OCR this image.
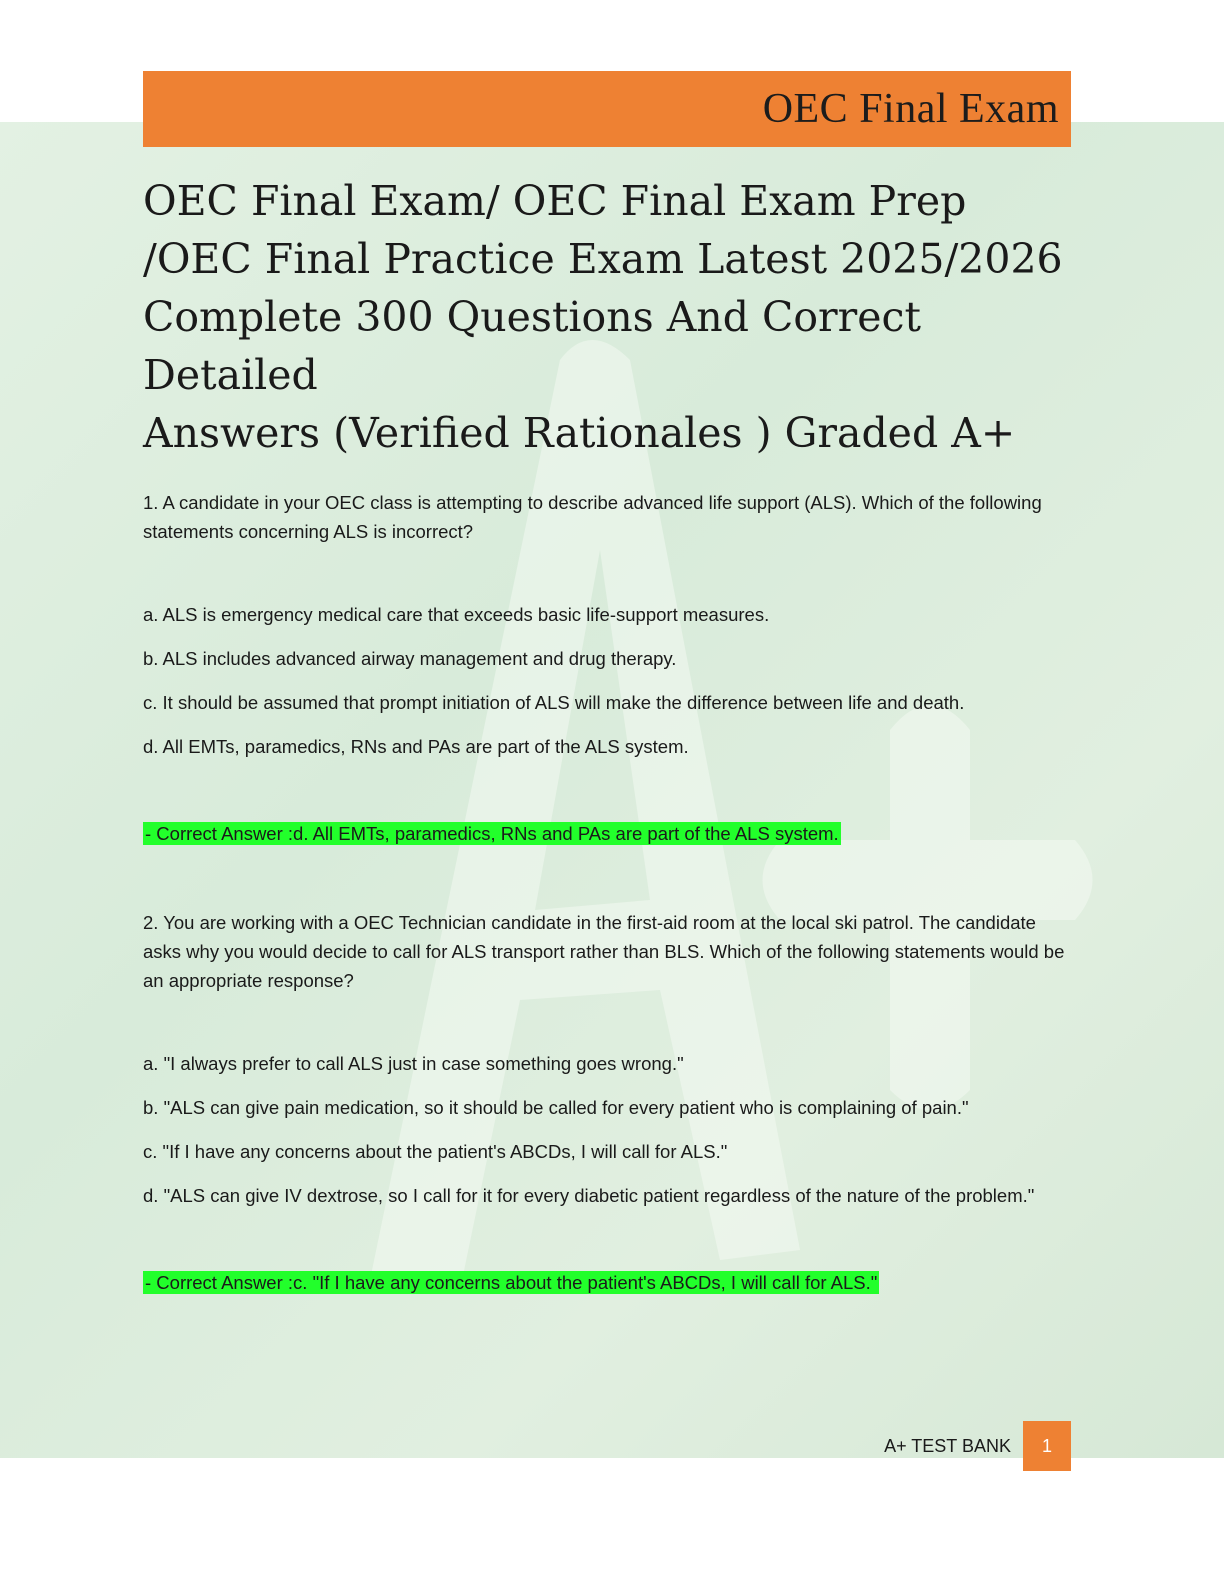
OEC Final Exam
OEC Final Exam/ OEC Final Exam Prep
/OEC Final Practice Exam Latest 2025/2026
Complete 300 Questions And Correct Detailed
Answers (Verified Rationales ) Graded A+

1. A candidate in your OEC class is attempting to describe advanced life support (ALS). Which of the following statements concerning ALS is incorrect?

a. ALS is emergency medical care that exceeds basic life-support measures.

b. ALS includes advanced airway management and drug therapy.

c. It should be assumed that prompt initiation of ALS will make the difference between life and death.

d. All EMTs, paramedics, RNs and PAs are part of the ALS system.

- Correct Answer :d. All EMTs, paramedics, RNs and PAs are part of the ALS system.

2. You are working with a OEC Technician candidate in the first-aid room at the local ski patrol. The candidate asks why you would decide to call for ALS transport rather than BLS. Which of the following statements would be an appropriate response?

a. "I always prefer to call ALS just in case something goes wrong."

b. "ALS can give pain medication, so it should be called for every patient who is complaining of pain."

c. "If I have any concerns about the patient's ABCDs, I will call for ALS."

d. "ALS can give IV dextrose, so I call for it for every diabetic patient regardless of the nature of the problem."

- Correct Answer :c. "If I have any concerns about the patient's ABCDs, I will call for ALS."
A+ TEST BANK	1
